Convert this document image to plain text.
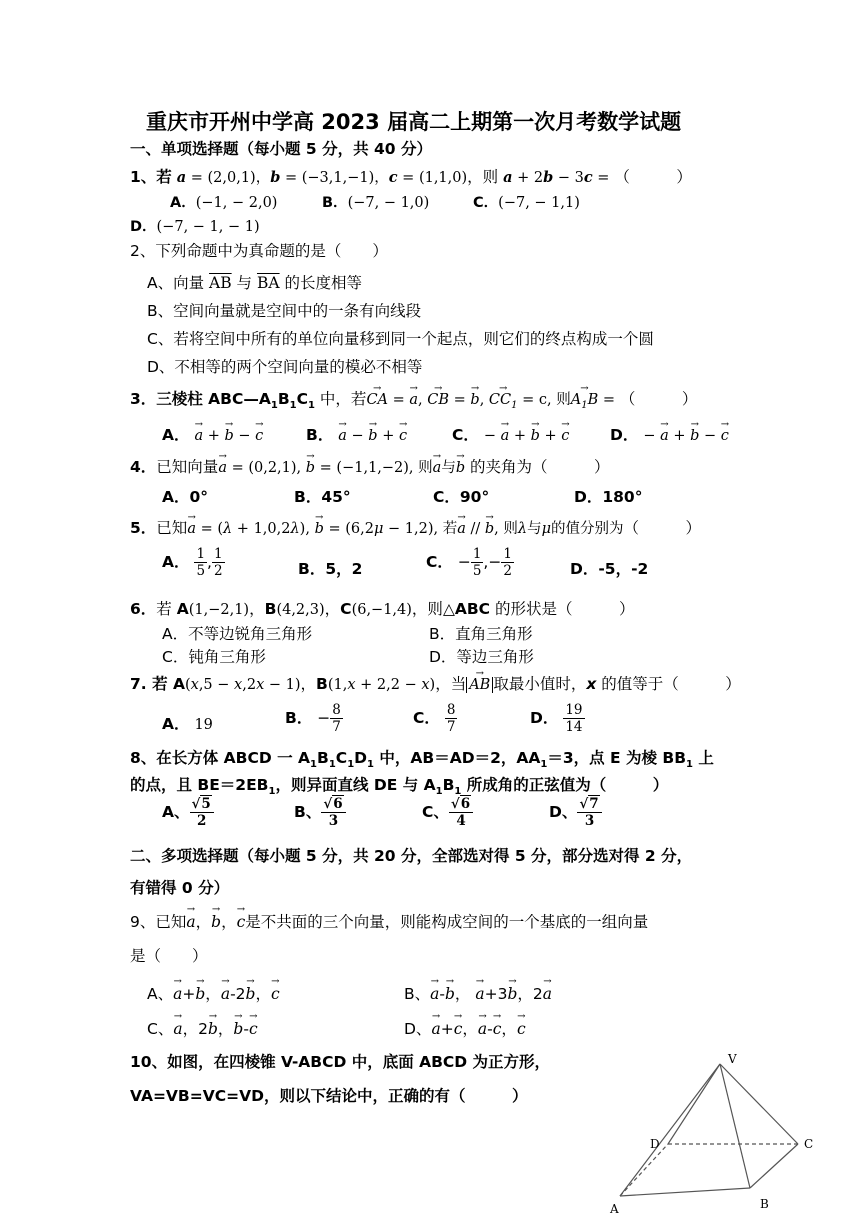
重庆市开州中学高 2023 届高二上期第一次月考数学试题
一、单项选择题（每小题 5 分，共 40 分）
1、若 a = (2,0,1)，b = (−3,1,−1)，c = (1,1,0)，则 a + 2b − 3c = （　　　）
A．(−1, − 2,0)	B．(−7, − 1,0)	C．(−7, − 1,1)
D．(−7, − 1, − 1)
2、下列命题中为真命题的是（　　）
A、向量 $\overline{AB}$ 与 $\overline{BA}$ 的长度相等
B、空间向量就是空间中的一条有向线段
C、若将空间中所有的单位向量移到同一个起点，则它们的终点构成一个圆
D、不相等的两个空间向量的模必不相等
3．三棱柱 $ABC—A_1B_1C_1$ 中，若→ CA = → a, → CB = → b, → $CC_1 = c$, 则→ $A_1B$ = （　　　）
A． → a + → b − → c	B． → a − → b + → c	C． − → a + → b + → c	D． − → a + → b − → c
4．已知向量→ a = (0,2,1), → b = (−1,1,−2), 则→ a与→ b 的夹角为（　　　）
A．0°	B．45°	C．90°	D．180°
5．已知→ a = (λ + 1,0,2λ), → b = (6,2μ − 1,2), 若→ a // → b, 则λ与μ的值分别为（　　　）
A． $\frac{1}{5}$ , $\frac{1}{2}$	B．5，2	C． − $\frac{1}{5}$ ,− $\frac{1}{2}$	D．-5，-2
6．若 A(1,−2,1)，B(4,2,3)，C(6,−1,4)，则△ABC 的形状是（　　　）
A．不等边锐角三角形	B．直角三角形
C．钝角三角形	D．等边三角形
7. 若 A(x,5 − x,2x − 1)，B(1,x + 2,2 − x)，当 → AB 取最小值时，x 的值等于（　　　）
A． 19	B． − $\frac{8}{7}$	C． $\frac{8}{7}$	D． $\frac{19}{14}$
8、在长方体 ABCD 一 $A_1B_1C_1D_1$ 中，AB＝AD＝2，$AA_1=3$，点 E 为棱 $BB_1$ 上
的点，且 $BE=2EB_1$，则异面直线 DE 与 $A_1B_1$ 所成角的正弦值为（　　　）
A、 $\frac{√5}{2}$	B、 $\frac{√6}{3}$	C、 $\frac{√6}{4}$	D、 $\frac{√7}{3}$
二、多项选择题（每小题 5 分，共 20 分，全部选对得 5 分，部分选对得 2 分，
有错得 0 分）
9、已知→ a，→ b，→ c是不共面的三个向量，则能构成空间的一个基底的一组向量
是（　　）
A、→ a+→ b，→ a-2→ b，→ c	B、→ a-→ b， → a+3→ b，2→ a
C、→ a，2→ b，→ b-→ c	D、→ a+→ c，→ a-→ c，→ c
10、如图，在四棱锥 V-ABCD 中，底面 ABCD 为正方形，
VA=VB=VC=VD，则以下结论中，正确的有（　　　）
V
D	C
A	B
